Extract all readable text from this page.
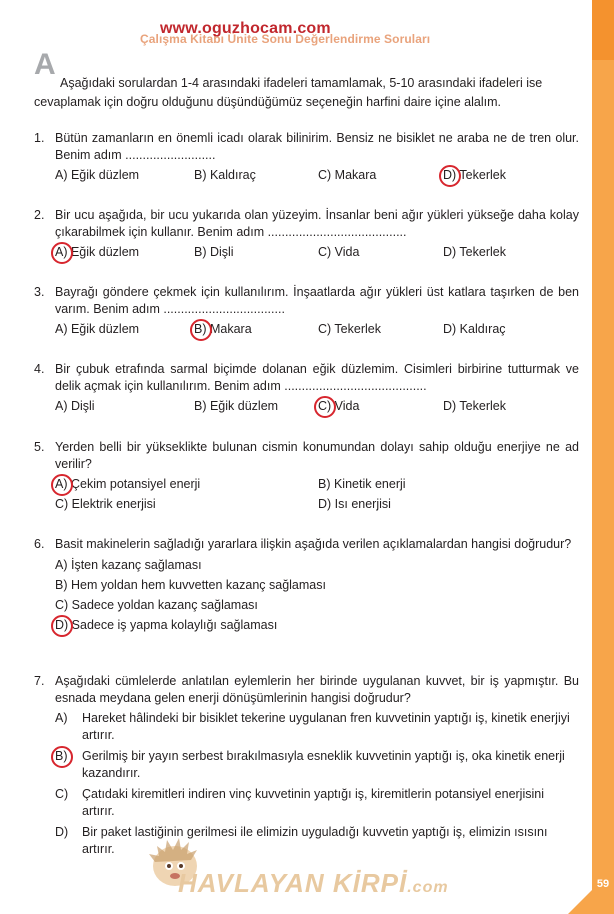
59
Çalışma Kitabı Ünite Sonu Değerlendirme Soruları
www.oguzhocam.com
A
Aşağıdaki sorulardan 1-4 arasındaki ifadeleri tamamlamak, 5-10 arasındaki ifadeleri ise cevaplamak için doğru olduğunu düşündüğümüz seçeneğin harfini daire içine alalım.
1. Bütün zamanların en önemli icadı olarak bilinirim. Bensiz ne bisiklet ne araba ne de tren olur. Benim adım ..........................
A) Eğik düzlem	B) Kaldıraç	C) Makara	D) Tekerlek
2. Bir ucu aşağıda, bir ucu yukarıda olan yüzeyim. İnsanlar beni ağır yükleri yükseğe daha kolay çıkarabilmek için kullanır. Benim adım ........................................
A) Eğik düzlem	B) Dişli	C) Vida	D) Tekerlek
3. Bayrağı göndere çekmek için kullanılırım. İnşaatlarda ağır yükleri üst katlara taşırken de ben varım. Benim adım ...................................
A) Eğik düzlem	B) Makara	C) Tekerlek	D) Kaldıraç
4. Bir çubuk etrafında sarmal biçimde dolanan eğik düzlemim. Cisimleri birbirine tutturmak ve delik açmak için kullanılırım. Benim adım .........................................
A) Dişli	B) Eğik düzlem	C) Vida	D) Tekerlek
5. Yerden belli bir yükseklikte bulunan cismin konumundan dolayı sahip olduğu enerjiye ne ad verilir?
A) Çekim potansiyel enerji	B) Kinetik enerji
C) Elektrik enerjisi	D) Isı enerjisi
6. Basit makinelerin sağladığı yararlara ilişkin aşağıda verilen açıklamalardan hangisi doğrudur?
A) İşten kazanç sağlaması
B) Hem yoldan hem kuvvetten kazanç sağlaması
C) Sadece yoldan kazanç sağlaması
D) Sadece iş yapma kolaylığı sağlaması
7. Aşağıdaki cümlelerde anlatılan eylemlerin her birinde uygulanan kuvvet, bir iş yapmıştır. Bu esnada meydana gelen enerji dönüşümlerinin hangisi doğrudur?
A) Hareket hâlindeki bir bisiklet tekerine uygulanan fren kuvvetinin yaptığı iş, kinetik enerjiyi artırır.
B) Gerilmiş bir yayın serbest bırakılmasıyla esneklik kuvvetinin yaptığı iş, oka kinetik enerji kazandırır.
C) Çatıdaki kiremitleri indiren vinç kuvvetinin yaptığı iş, kiremitlerin potansiyel enerjisini artırır.
D) Bir paket lastiğinin gerilmesi ile elimizin uyguladığı kuvvetin yaptığı iş, elimizin ısısını artırır.
HAVLAYAN KİRPİ.com
